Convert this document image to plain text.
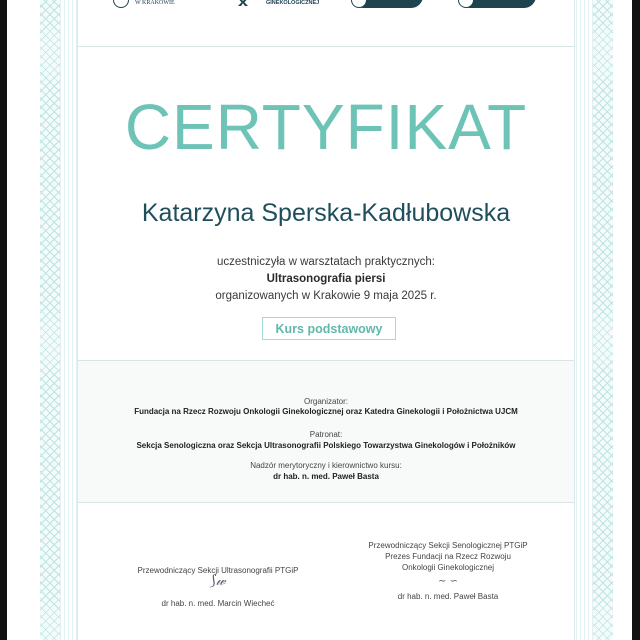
W KRAKOWIE	GINEKOLOGICZNEJ
CERTYFIKAT
Katarzyna Sperska-Kadłubowska
uczestniczyła w warsztatach praktycznych:
Ultrasonografia piersi
organizowanych w Krakowie 9 maja 2025 r.
Kurs podstawowy
Organizator:
Fundacja na Rzecz Rozwoju Onkologii Ginekologicznej oraz Katedra Ginekologii i Położnictwa UJCM
Patronat:
Sekcja Senologiczna oraz Sekcja Ultrasonografii Polskiego Towarzystwa Ginekologów i Położników
Nadzór merytoryczny i kierownictwo kursu:
dr hab. n. med. Paweł Basta
Przewodniczący Sekcji Ultrasonografii PTGiP
⟆𝓌
dr hab. n. med. Marcin Wiecheć
Przewodniczący Sekcji Senologicznej PTGiP
Prezes Fundacji na Rzecz Rozwoju
Onkologii Ginekologicznej
∼ ∽
dr hab. n. med. Paweł Basta
